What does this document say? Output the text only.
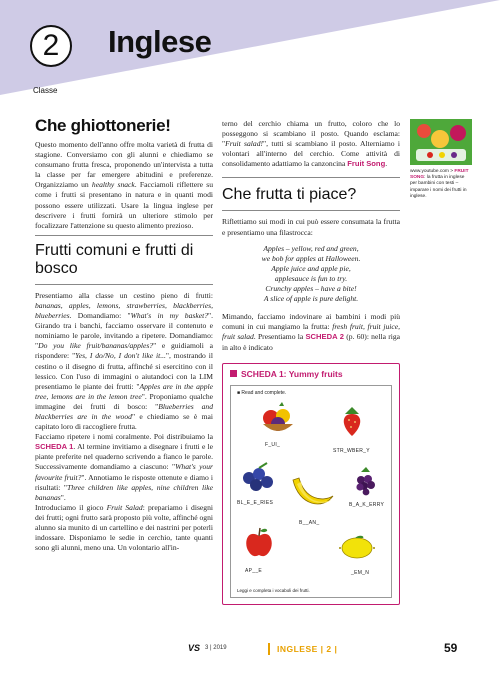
2
Classe
Inglese
Che ghiottonerie!

Questo momento dell'anno offre molta varietà di frutta di stagione. Conversiamo con gli alunni e chiediamo se consumano frutta fresca, proponendo un'intervista a tutta la classe per far emergere abitudini e preferenze. Organizziamo un healthy snack. Facciamoli riflettere su come i frutti si presentano in natura e in quanti modi possono essere utilizzati. Usare la lingua inglese per descrivere i frutti fornirà un ulteriore stimolo per focalizzare l'attenzione su questo alimento prezioso.

Frutti comuni e frutti di bosco

Presentiamo alla classe un cestino pieno di frutti: bananas, apples, lemons, strawberries, blackberries, blueberries. Domandiamo: "What's in my basket?". Girando tra i banchi, facciamo osservare il contenuto e nominiamo le parole, invitando a ripetere. Domandiamo: "Do you like fruit/bananas/apples?" e guidiamoli a rispondere: "Yes, I do/No, I don't like it...", mostrando il cestino o il disegno di frutta, affinché si esercitino con il lessico. Con l'uso di immagini o aiutandoci con la LIM presentiamo le piante dei frutti: "Apples are in the apple tree, lemons are in the lemon tree". Proponiamo qualche immagine dei frutti di bosco: "Blueberries and blackberries are in the wood" e chiediamo se è mai capitato loro di raccogliere frutta.

Facciamo ripetere i nomi coralmente. Poi distribuiamo la SCHEDA 1. Al termine invitiamo a disegnare i frutti e le piante preferite nel quaderno scrivendo a fianco le parole. Successivamente domandiamo a ciascuno: "What's your favourite fruit?". Annotiamo le risposte ottenute e diamo i risultati: "Three children like apples, nine children like bananas".

Introduciamo il gioco Fruit Salad: prepariamo i disegni dei frutti; ogni frutto sarà proposto più volte, affinché ogni alunno sia munito di un cartellino e dei nastrini per poterli indossare. Disponiamo le sedie in cerchio, tante quanti sono gli alunni, meno una. Un volontario all'in-

terno del cerchio chiama un frutto, coloro che lo posseggono si scambiano il posto. Quando esclama: "Fruit salad!", tutti si scambiano il posto. Alterniamo i volontari all'interno del cerchio. Come attività di consolidamento adattiamo la canzoncina Fruit Song.

Che frutta ti piace?

Riflettiamo sui modi in cui può essere consumata la frutta e presentiamo una filastrocca:

Apples – yellow, red and green,
we bob for apples at Halloween.
Apple juice and apple pie,
applesauce is fun to try.
Crunchy apples – have a bite!
A slice of apple is pure delight.

Mimando, facciamo indovinare ai bambini i modi più comuni in cui mangiamo la frutta: fresh fruit, fruit juice, fruit salad. Presentiamo la SCHEDA 2 (p. 60): nella riga in alto è indicato

SCHEDA 1: Yummy fruits
■ Read and complete.
F_UI_
STR_WBER_Y
BL_E_E_RIES
B__AN_
B_A_K_ERRY
AP__E	_EM_N
Leggi e completa i vocaboli dei frutti.
www.youtube.com > FRUIT SONG: la frutta in inglese per bambini con testi – imparare i nomi dei frutti in inglese.
VS 3 | 2019	INGLESE | 2 |	59
